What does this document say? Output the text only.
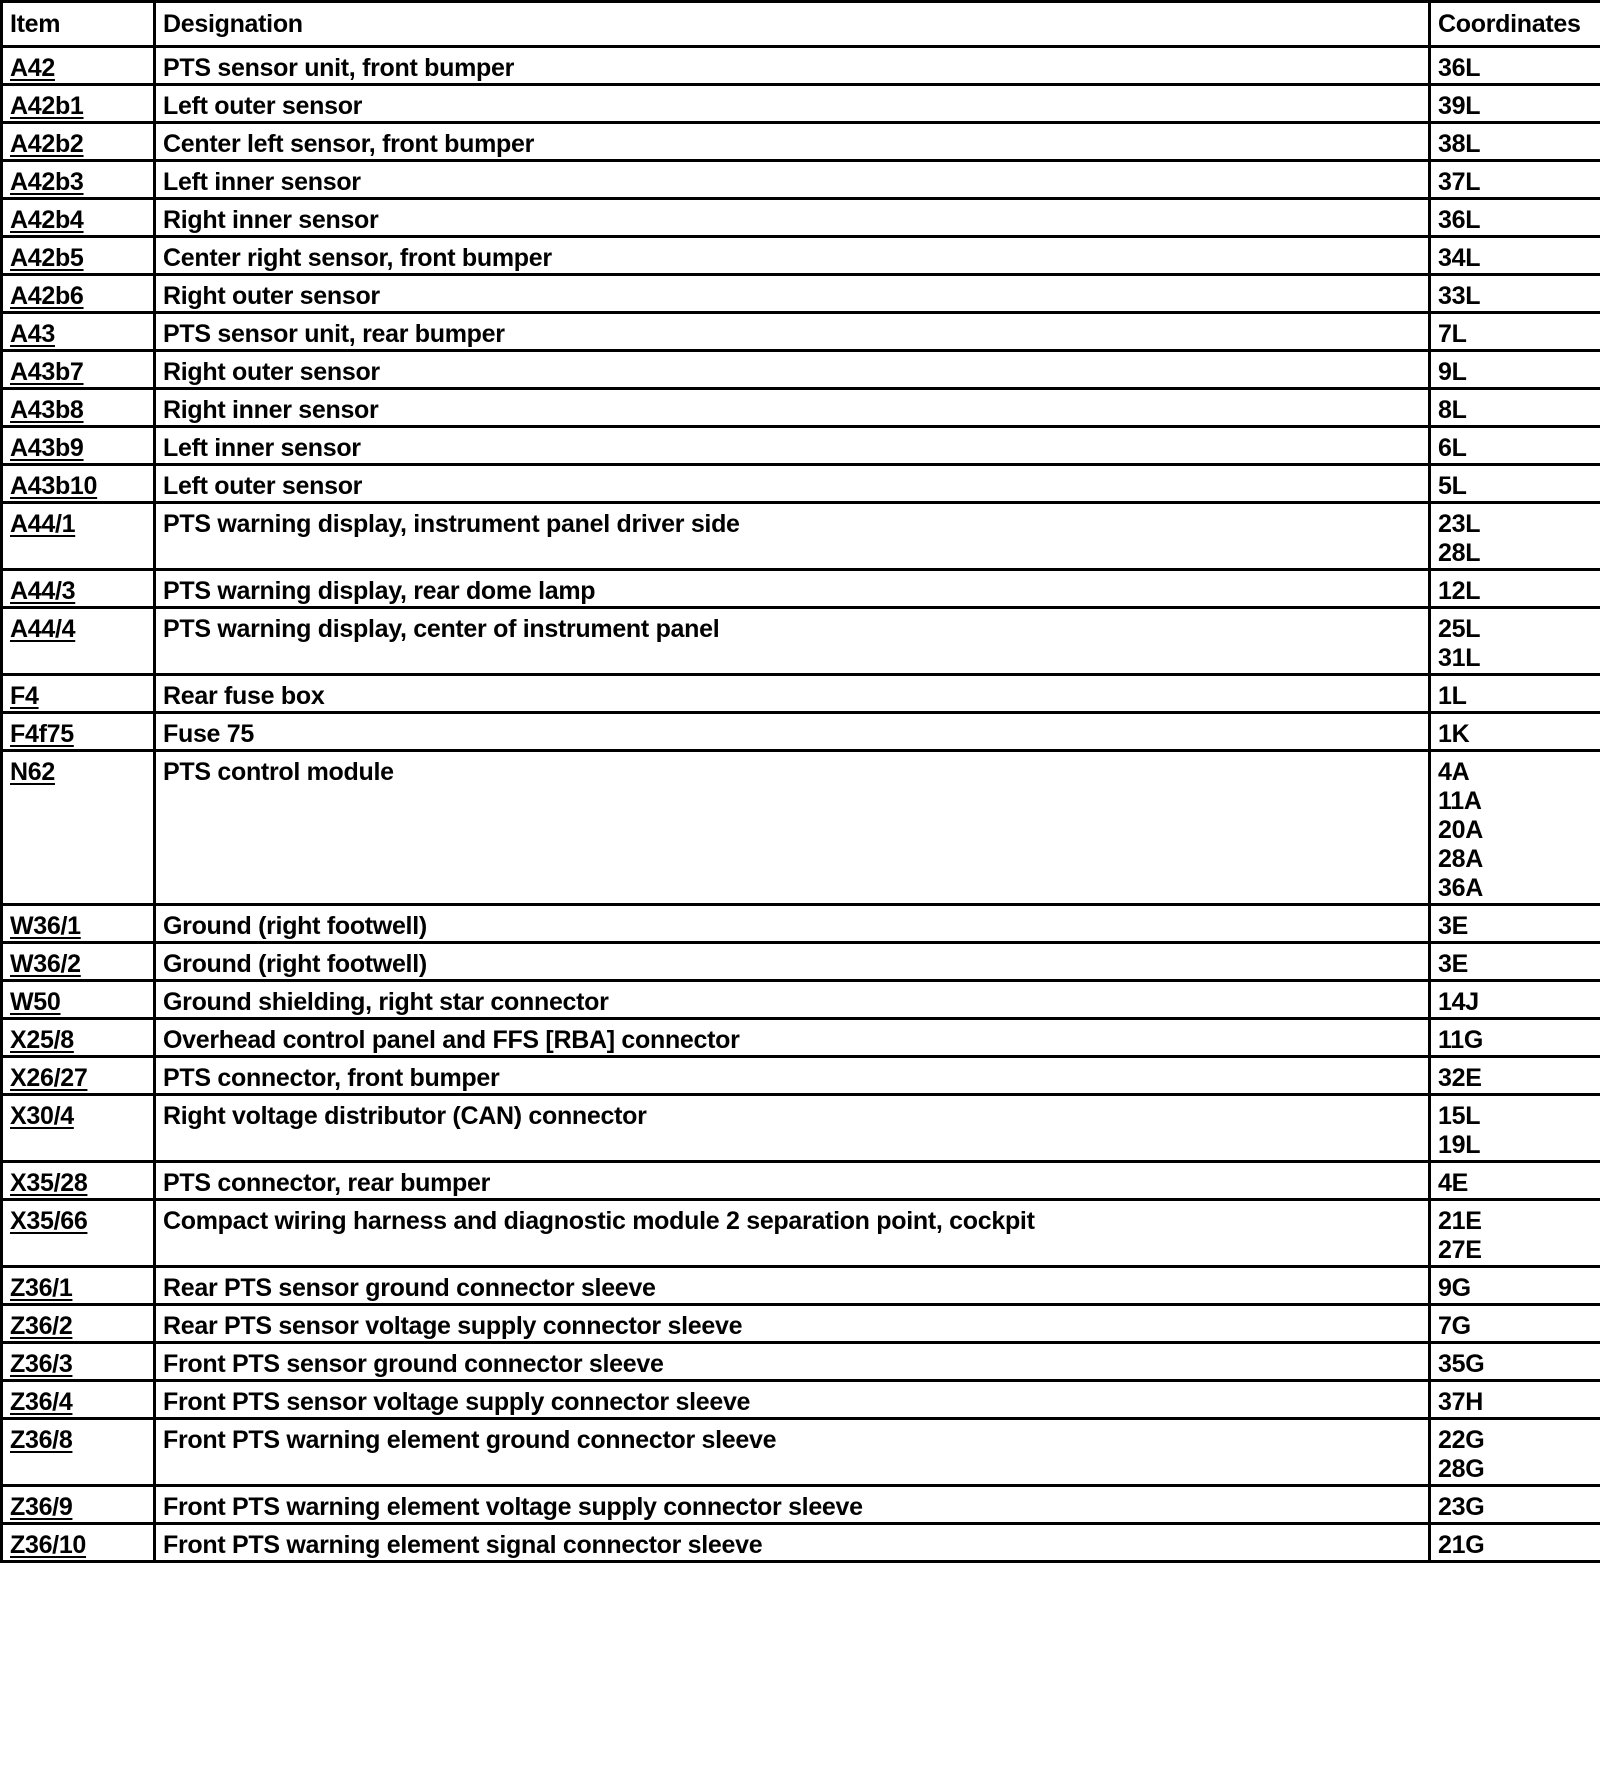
Item	Designation	Coordinates
A42	PTS sensor unit, front bumper	36L

A42b1	Left outer sensor	39L

A42b2	Center left sensor, front bumper	38L

A42b3	Left inner sensor	37L

A42b4	Right inner sensor	36L

A42b5	Center right sensor, front bumper	34L

A42b6	Right outer sensor	33L

A43	PTS sensor unit, rear bumper	7L

A43b7	Right outer sensor	9L

A43b8	Right inner sensor	8L

A43b9	Left inner sensor	6L

A43b10	Left outer sensor	5L

A44/1	PTS warning display, instrument panel driver side	23L
28L

A44/3	PTS warning display, rear dome lamp	12L

A44/4	PTS warning display, center of instrument panel	25L
31L

F4	Rear fuse box	1L

F4f75	Fuse 75	1K

N62	PTS control module	4A
11A
20A
28A
36A

W36/1	Ground (right footwell)	3E

W36/2	Ground (right footwell)	3E

W50	Ground shielding, right star connector	14J

X25/8	Overhead control panel and FFS [RBA] connector	11G

X26/27	PTS connector, front bumper	32E

X30/4	Right voltage distributor (CAN) connector	15L
19L

X35/28	PTS connector, rear bumper	4E

X35/66	Compact wiring harness and diagnostic module 2 separation point, cockpit	21E
27E

Z36/1	Rear PTS sensor ground connector sleeve	9G

Z36/2	Rear PTS sensor voltage supply connector sleeve	7G

Z36/3	Front PTS sensor ground connector sleeve	35G

Z36/4	Front PTS sensor voltage supply connector sleeve	37H

Z36/8	Front PTS warning element ground connector sleeve	22G
28G

Z36/9	Front PTS warning element voltage supply connector sleeve	23G

Z36/10	Front PTS warning element signal connector sleeve	21G
